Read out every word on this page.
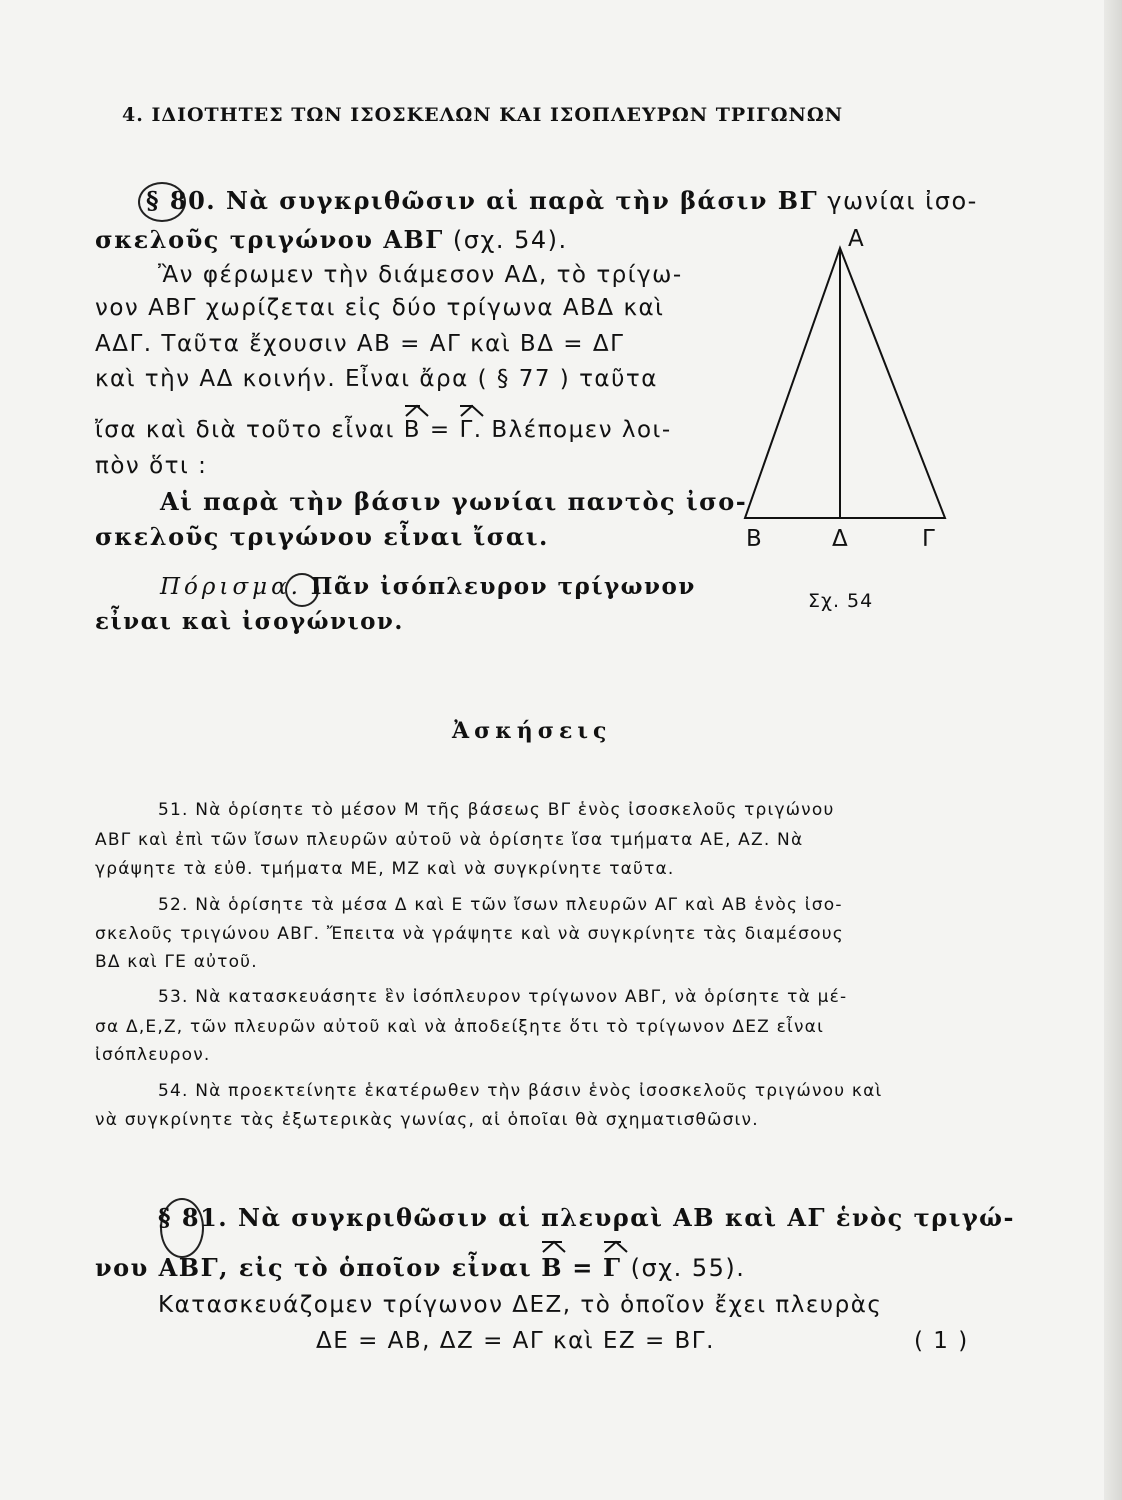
4. ΙΔΙΟΤΗΤΕΣ ΤΩΝ ΙΣΟΣΚΕΛΩΝ ΚΑΙ ΙΣΟΠΛΕΥΡΩΝ ΤΡΙΓΩΝΩΝ
§ 80. Νὰ συγκριθῶσιν αἱ παρὰ τὴν βάσιν ΒΓ γωνίαι ἰσο-
σκελοῦς τριγώνου ΑΒΓ (σχ. 54).
Ἂν φέρωμεν τὴν διάμεσον ΑΔ, τὸ τρίγω-
νον ΑΒΓ χωρίζεται εἰς δύο τρίγωνα ΑΒΔ καὶ
ΑΔΓ. Ταῦτα ἔχουσιν ΑΒ = ΑΓ καὶ ΒΔ = ΔΓ
καὶ τὴν ΑΔ κοινήν. Εἶναι ἄρα ( § 77 ) ταῦτα
ἴσα καὶ διὰ τοῦτο εἶναι Β = Γ. Βλέπομεν λοι-
πὸν ὅτι :
Αἱ παρὰ τὴν βάσιν γωνίαι παντὸς ἰσο-
σκελοῦς τριγώνου εἶναι ἴσαι.
Πόρισμα. Πᾶν ἰσόπλευρον τρίγωνον
εἶναι καὶ ἰσογώνιον.
Α
Β	Δ	Γ
Σχ. 54
Ἀσκήσεις
51. Νὰ ὁρίσητε τὸ μέσον Μ τῆς βάσεως ΒΓ ἑνὸς ἰσοσκελοῦς τριγώνου
ΑΒΓ καὶ ἐπὶ τῶν ἴσων πλευρῶν αὐτοῦ νὰ ὁρίσητε ἴσα τμήματα ΑΕ, ΑΖ. Νὰ
γράψητε τὰ εὐθ. τμήματα ΜΕ, ΜΖ καὶ νὰ συγκρίνητε ταῦτα.
52. Νὰ ὁρίσητε τὰ μέσα Δ καὶ Ε τῶν ἴσων πλευρῶν ΑΓ καὶ ΑΒ ἑνὸς ἰσο-
σκελοῦς τριγώνου ΑΒΓ. Ἔπειτα νὰ γράψητε καὶ νὰ συγκρίνητε τὰς διαμέσους
ΒΔ καὶ ΓΕ αὐτοῦ.
53. Νὰ κατασκευάσητε ἓν ἰσόπλευρον τρίγωνον ΑΒΓ, νὰ ὁρίσητε τὰ μέ-
σα Δ,Ε,Ζ, τῶν πλευρῶν αὐτοῦ καὶ νὰ ἀποδείξητε ὅτι τὸ τρίγωνον ΔΕΖ εἶναι
ἰσόπλευρον.
54. Νὰ προεκτείνητε ἑκατέρωθεν τὴν βάσιν ἑνὸς ἰσοσκελοῦς τριγώνου καὶ
νὰ συγκρίνητε τὰς ἐξωτερικὰς γωνίας, αἱ ὁποῖαι θὰ σχηματισθῶσιν.
§ 81. Νὰ συγκριθῶσιν αἱ πλευραὶ ΑΒ καὶ ΑΓ ἑνὸς τριγώ-
νου ΑΒΓ, εἰς τὸ ὁποῖον εἶναι Β = Γ (σχ. 55).
Κατασκευάζομεν τρίγωνον ΔΕΖ, τὸ ὁποῖον ἔχει πλευρὰς
ΔΕ = ΑΒ, ΔΖ = ΑΓ καὶ ΕΖ = ΒΓ.	( 1 )
